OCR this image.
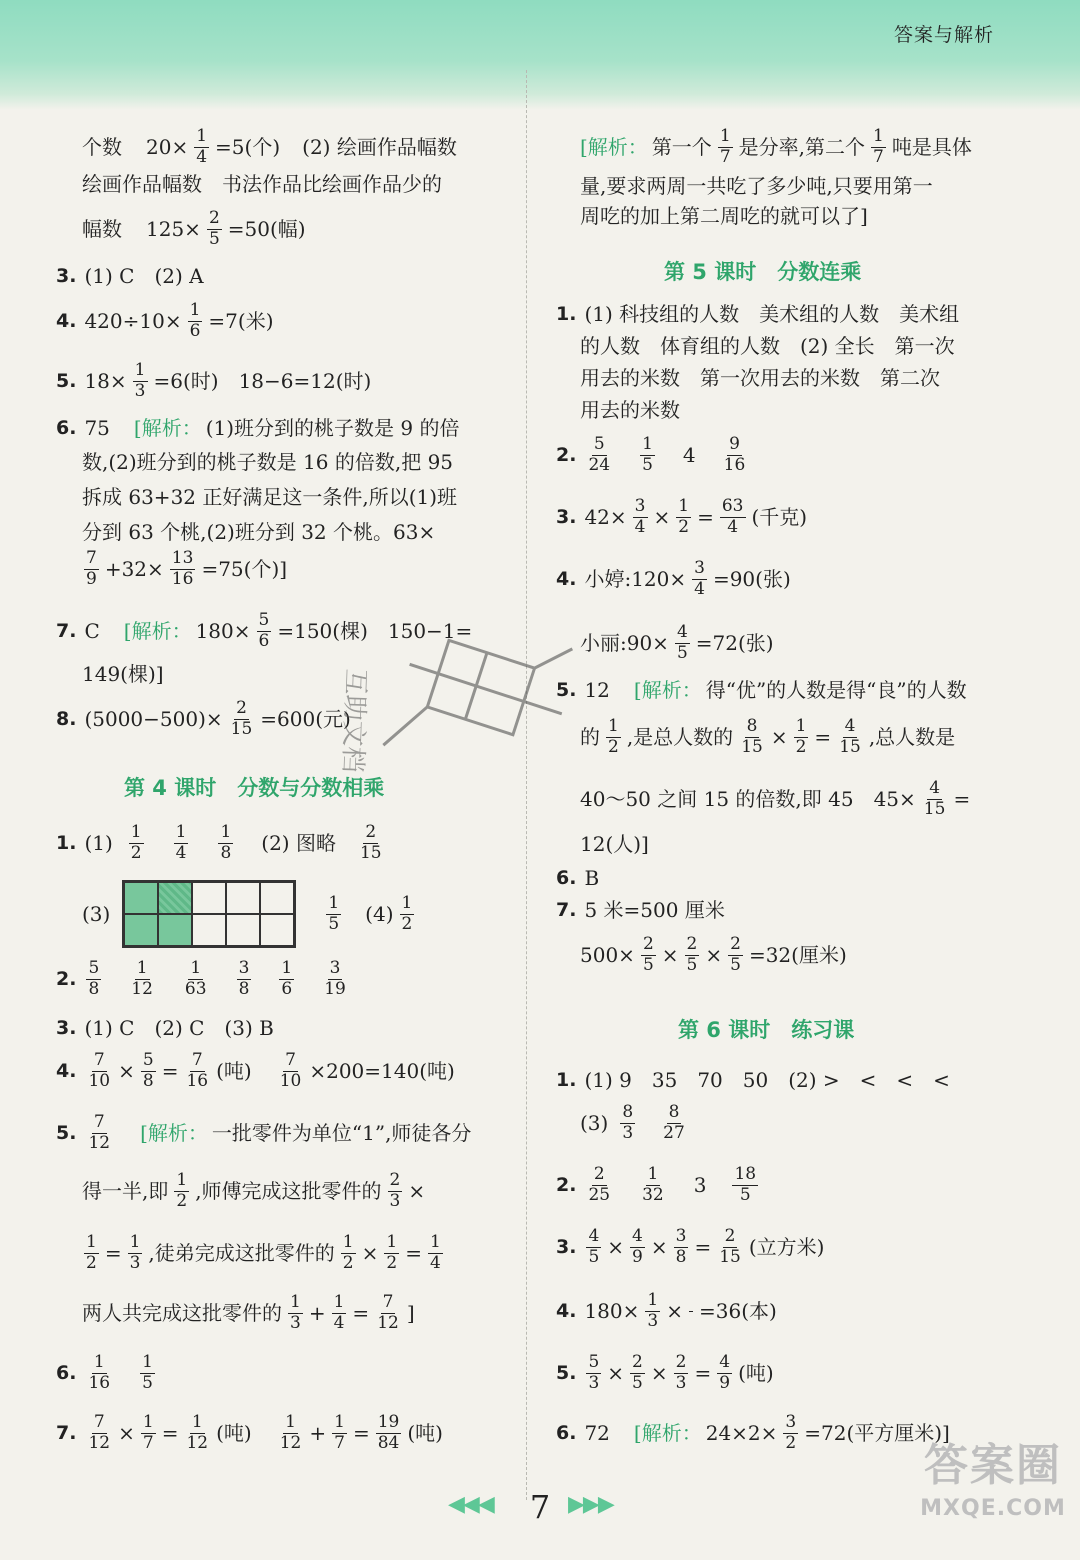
答案与解析
个数 $20\times \frac{1}{4} =5$(个) (2) 绘画作品幅数
绘画作品幅数　书法作品比绘画作品少的
幅数 $125\times \frac{2}{5} =50$(幅)
3. (1) C　(2) A
4. $420\div 10\times \frac{1}{6} =7$(米)
5. $18\times \frac{1}{3} =6$(时)　18−6=12(时)
6. 75　 [解析： (1)班分到的桃子数是 9 的倍
数,(2)班分到的桃子数是 16 的倍数,把 95
拆成 63+32 正好满足这一条件,所以(1)班
分到 63 个桃,(2)班分到 32 个桃。63×
$\frac{7}{9} +32\times \frac{13}{16} =75$(个)]
7. C　 [解析： $180\times \frac{5}{6} =150$(棵)　150−1=
149(棵)]
8. $(5000-500)\times \frac{2}{15} =600$(元)
第 4 课时　分数与分数相乘
1. $(1) \frac{1}{2} \frac{1}{4} \frac{1}{8} (2)$ 图略 $\frac{2}{15}$
(3)	$\frac{1}{5} (4) \frac{1}{2}$
2. $\frac{5}{8} \frac{1}{12} \frac{1}{63} \frac{3}{8} \frac{1}{6} \frac{3}{19}$
3. (1) C　(2) C　(3) B
4. $\frac{7}{10} \times \frac{5}{8} = \frac{7}{16}$ (吨)　 $\frac{7}{10} \times 200=140$(吨)
5. $\frac{7}{12}$ [解析： 一批零件为单位“1”,师徒各分
得一半,即 $\frac{1}{2}$ ,师傅完成这批零件的 $\frac{2}{3}$ ×
$\frac{1}{2} = \frac{1}{3}$ ,徒弟完成这批零件的 $\frac{1}{2} \times \frac{1}{2} = \frac{1}{4}$
两人共完成这批零件的 $\frac{1}{3} + \frac{1}{4} = \frac{7}{12}$ ]
6. $\frac{1}{16} \frac{1}{5}$
7. $\frac{7}{12} \times \frac{1}{7} = \frac{1}{12}$ (吨)　 $\frac{1}{12} + \frac{1}{7} = \frac{19}{84}$ (吨)
[解析： 第一个 $\frac{1}{7}$ 是分率,第二个 $\frac{1}{7}$ 吨是具体
量,要求两周一共吃了多少吨,只要用第一
周吃的加上第二周吃的就可以了]
第 5 课时　分数连乘
1. (1) 科技组的人数　美术组的人数　美术组
的人数　体育组的人数　(2) 全长　第一次
用去的米数　第一次用去的米数　第二次
用去的米数
2. $\frac{5}{24} \frac{1}{5} 4 \frac{9}{16}$
3. $42\times \frac{3}{4} \times \frac{1}{2} = \frac{63}{4}$ (千克)
4. 小婷:120× $\frac{3}{4} =90$(张)
小丽:90× $\frac{4}{5} =72$(张)
5. 12　 [解析： 得“优”的人数是得“良”的人数
的 $\frac{1}{2}$ ,是总人数的 $\frac{8}{15} \times \frac{1}{2} = \frac{4}{15}$ ,总人数是
40～50 之间 15 的倍数,即 45　$45\times \frac{4}{15}$ =
12(人)]
6. B
7. 5 米=500 厘米
$500\times \frac{2}{5} \times \frac{2}{5} \times \frac{2}{5} =32$(厘米)
第 6 课时　练习课
1. (1) 9　35　70　50　(2) >　<　<　<
$(3) \frac{8}{3} \frac{8}{27}$
2. $\frac{2}{25} \frac{1}{32} 3 \frac{18}{5}$
3. $\frac{4}{5} \times \frac{4}{9} \times \frac{3}{8} = \frac{2}{15}$ (立方米)
4. $180\times \frac{1}{3} \times =36$(本)
5. $\frac{5}{3} \times \frac{2}{5} \times \frac{2}{3} = \frac{4}{9}$ (吨)
6. 72　 [解析： $24\times 2\times \frac{3}{2} =72$(平方厘米)]
互助文档
◀◀◀	7 ▶▶▶
答案圈
MXQE.COM
